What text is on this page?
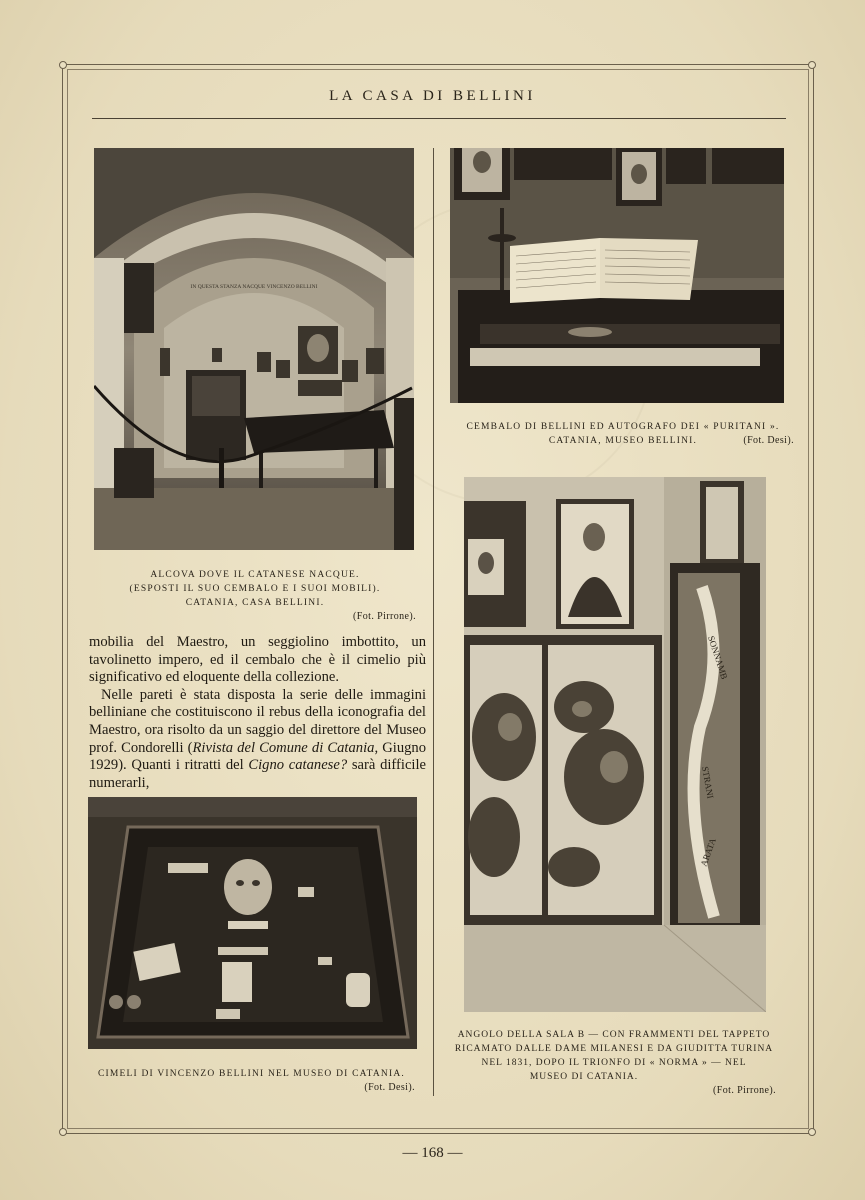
LA CASA DI BELLINI
IN QUESTA STANZA NACQUE VINCENZO BELLINI
ALCOVA DOVE IL CATANESE NACQUE.
(ESPOSTI IL SUO CEMBALO E I SUOI MOBILI).
CATANIA, CASA BELLINI.
(Fot. Pirrone).
CEMBALO DI BELLINI ED AUTOGRAFO DEI « PURITANI ».
CATANIA, MUSEO BELLINI.	(Fot. Desi).

mobilia del Maestro, un seggiolino imbottito, un tavolinetto impero, ed il cembalo che è il cimelio più significativo ed eloquente della collezione.

Nelle pareti è stata disposta la serie delle immagini belliniane che costituiscono il rebus della iconografia del Maestro, ora risolto da un saggio del direttore del Museo prof. Condorelli (Rivista del Comune di Catania, Giugno 1929). Quanti i ritratti del Cigno catanese? sarà difficile numerarli,

CIMELI DI VINCENZO BELLINI NEL MUSEO DI CATANIA.
(Fot. Desi).
SONNAMB
STRANI
ARATA
ANGOLO DELLA SALA B — CON FRAMMENTI DEL TAPPETO
RICAMATO DALLE DAME MILANESI E DA GIUDITTA TURINA
NEL 1831, DOPO IL TRIONFO DI « NORMA » — NEL
MUSEO DI CATANIA.
(Fot. Pirrone).
— 168 —
